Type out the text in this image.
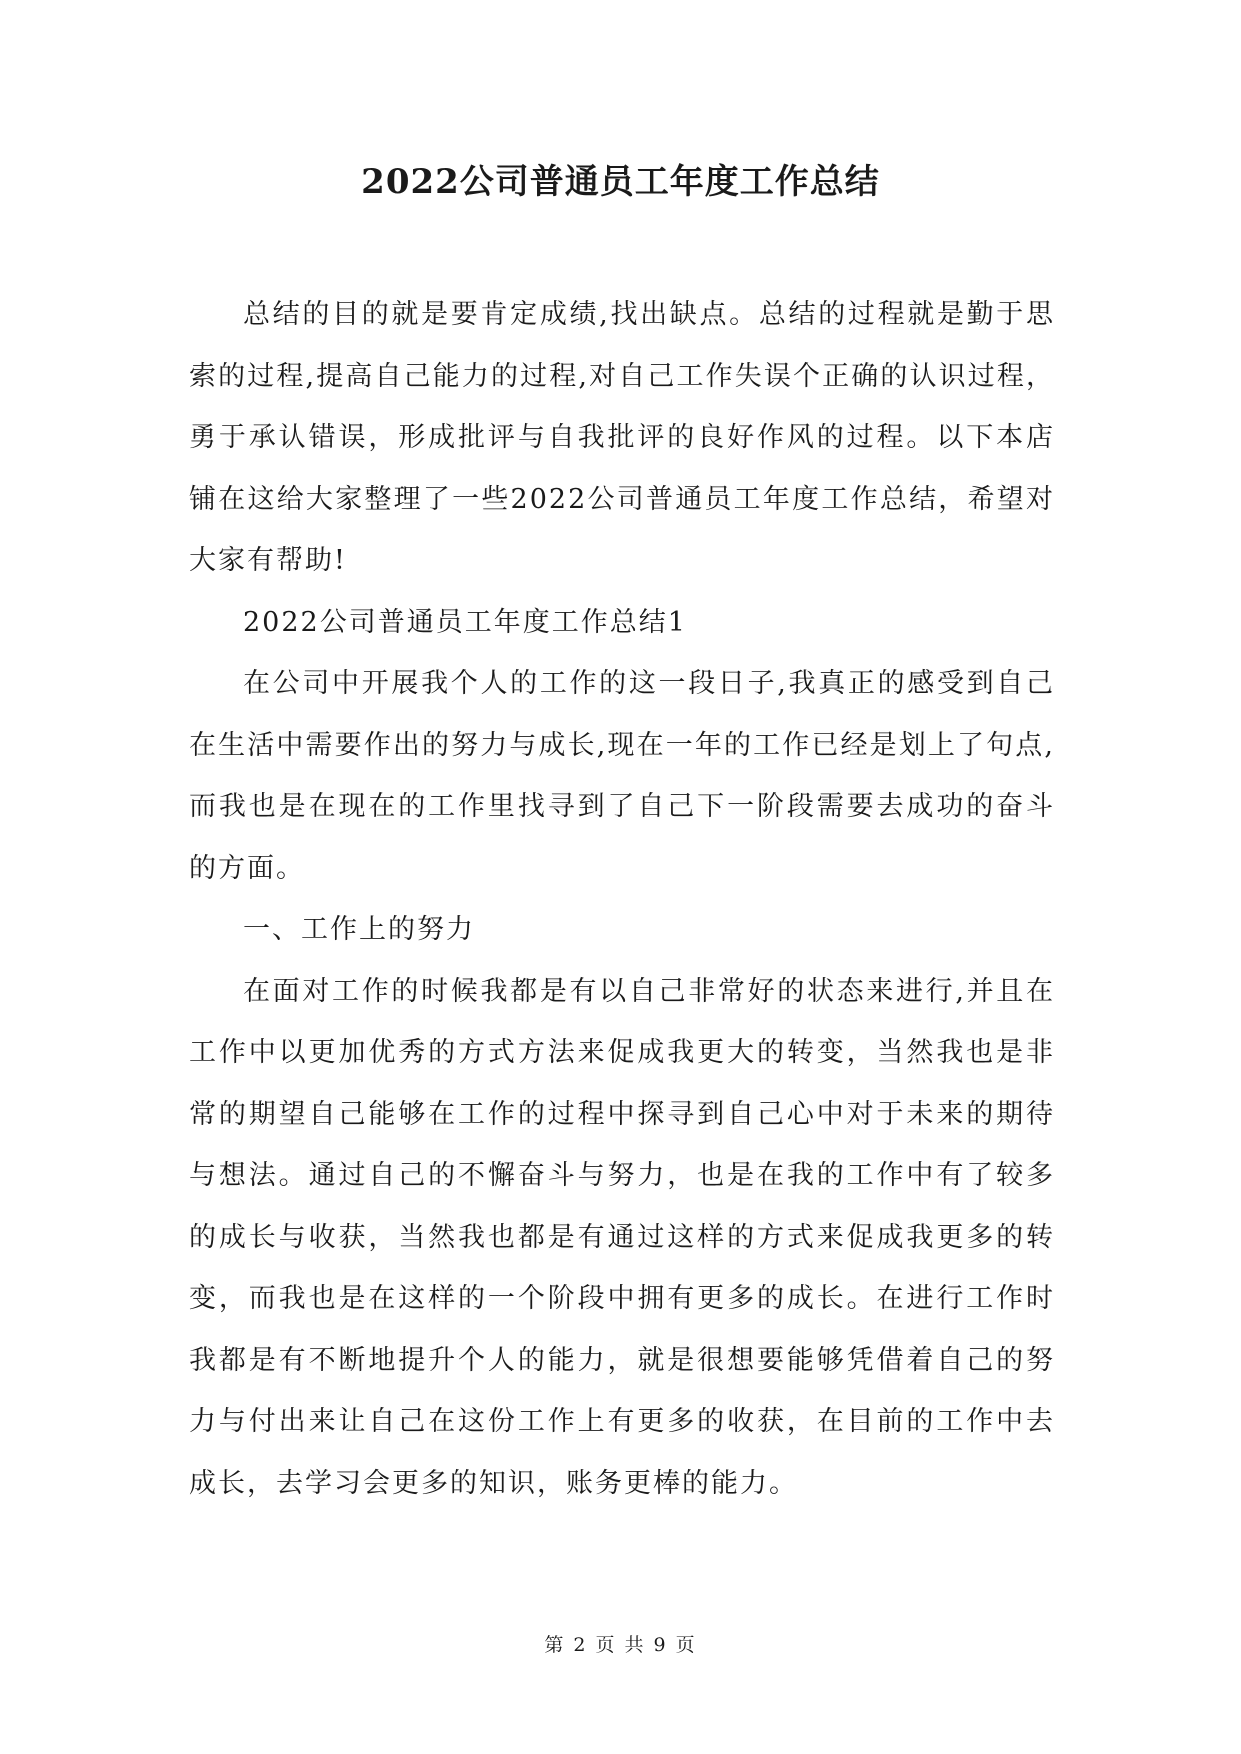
2022公司普通员工年度工作总结

总结的目的就是要肯定成绩,找出缺点。总结的过程就是勤于思索的过程,提高自己能力的过程,对自己工作失误个正确的认识过程，勇于承认错误，形成批评与自我批评的良好作风的过程。以下本店铺在这给大家整理了一些2022公司普通员工年度工作总结，希望对大家有帮助!

2022公司普通员工年度工作总结1

在公司中开展我个人的工作的这一段日子,我真正的感受到自己在生活中需要作出的努力与成长,现在一年的工作已经是划上了句点,而我也是在现在的工作里找寻到了自己下一阶段需要去成功的奋斗的方面。

一、工作上的努力

在面对工作的时候我都是有以自己非常好的状态来进行,并且在工作中以更加优秀的方式方法来促成我更大的转变，当然我也是非常的期望自己能够在工作的过程中探寻到自己心中对于未来的期待与想法。通过自己的不懈奋斗与努力，也是在我的工作中有了较多的成长与收获，当然我也都是有通过这样的方式来促成我更多的转变，而我也是在这样的一个阶段中拥有更多的成长。在进行工作时我都是有不断地提升个人的能力，就是很想要能够凭借着自己的努力与付出来让自己在这份工作上有更多的收获，在目前的工作中去成长，去学习会更多的知识，账务更棒的能力。

第 2 页 共 9 页
